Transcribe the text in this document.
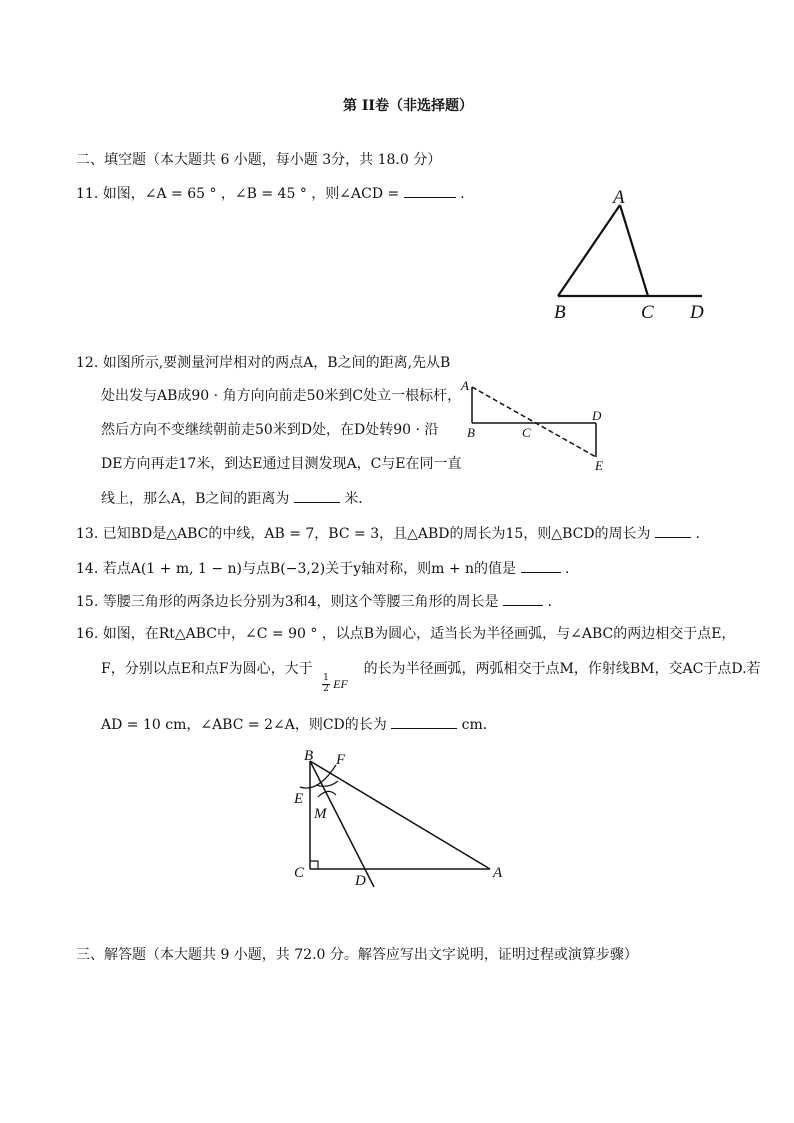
第 II卷（非选择题）
二、填空题（本大题共 6 小题，每小题 3分，共 18.0 分）
11. 如图，∠A = 65 ° ，∠B = 45 ° ，则∠ACD =	.	A
B	C D
12. 如图所示,要测量河岸相对的两点A，B之间的距离,先从B
处出发与AB成90 · 角方向向前走50米到C处立一根标杆，
然后方向不变继续朝前走50米到D处，在D处转90 · 沿
DE方向再走17米，到达E通过目测发现A，C与E在同一直
线上，那么A，B之间的距离为	米．
A
B	C
D
E
13. 已知BD是△ABC的中线，AB = 7，BC = 3，且△ABD的周长为15，则△BCD的周长为	.
14. 若点A(1 + m, 1 − n)与点B(−3,2)关于y轴对称，则m + n的值是	.
15. 等腰三角形的两条边长分别为3和4，则这个等腰三角形的周长是	.
16. 如图，在Rt△ABC中，∠C = 90 ° ，以点B为圆心，适当长为半径画弧，与∠ABC的两边相交于点E，
F，分别以点E和点F为圆心，大于
1
2 EF
的长为半径画弧，两弧相交于点M，作射线BM，交AC于点D.若
AD = 10 cm，∠ABC = 2∠A，则CD的长为	cm．
B F
E
M
C	D	A
三、解答题（本大题共 9 小题，共 72.0 分。解答应写出文字说明，证明过程或演算步骤）
